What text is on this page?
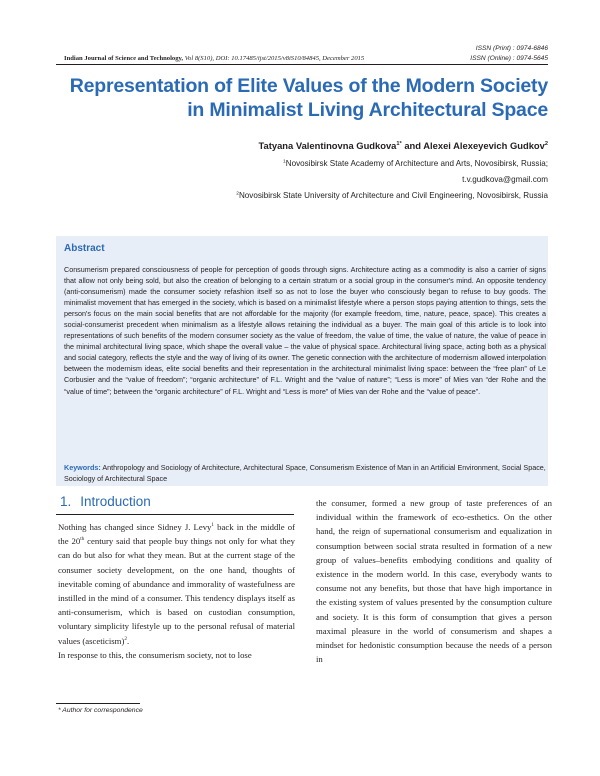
ISSN (Print) : 0974-6846
ISSN (Online) : 0974-5645
Indian Journal of Science and Technology, Vol 8(S10), DOI: 10.17485/ijst/2015/v8iS10/84845, December 2015
Representation of Elite Values of the Modern Society
in Minimalist Living Architectural Space
Tatyana Valentinovna Gudkova$^{1*}$ and Alexei Alexeyevich Gudkov$^2$
$^1$Novosibirsk State Academy of Architecture and Arts, Novosibirsk, Russia;
t.v.gudkova@gmail.com
$^2$Novosibirsk State University of Architecture and Civil Engineering, Novosibirsk, Russia
Abstract
Consumerism prepared consciousness of people for perception of goods through signs. Architecture acting as a commodity is also a carrier of signs that allow not only being sold, but also the creation of belonging to a certain stratum or a social group in the consumer's mind. An opposite tendency (anti-consumerism) made the consumer society refashion itself so as not to lose the buyer who consciously began to refuse to buy goods. The minimalist movement that has emerged in the society, which is based on a minimalist lifestyle where a person stops paying attention to things, sets the person's focus on the main social benefits that are not affordable for the majority (for example freedom, time, nature, peace, space). This creates a social-consumerist precedent when minimalism as a lifestyle allows retaining the individual as a buyer. The main goal of this article is to look into representations of such benefits of the modern consumer society as the value of freedom, the value of time, the value of nature, the value of peace in the minimal architectural living space, which shape the overall value – the value of physical space. Architectural living space, acting both as a physical and social category, reflects the style and the way of living of its owner. The genetic connection with the architecture of modernism allowed interpolation between the modernism ideas, elite social benefits and their representation in the architectural minimalist living space: between the “free plan” of Le Corbusier and the “value of freedom”; “organic architecture” of F.L. Wright and the “value of nature”; “Less is more” of Mies van “der Rohe and the “value of time”; between the “organic architecture” of F.L. Wright and “Less is more” of Mies van der Rohe and the “value of peace”.
Keywords: Anthropology and Sociology of Architecture, Architectural Space, Consumerism Existence of Man in an Artificial Environment, Social Space, Sociology of Architectural Space
1. Introduction

Nothing has changed since Sidney J. Levy$^1$ back in the middle of the 20th century said that people buy things not only for what they can do but also for what they mean. But at the current stage of the consumer society development, on the one hand, thoughts of inevitable coming of abundance and immorality of wastefulness are instilled in the mind of a consumer. This tendency displays itself as anti-consumerism, which is based on custodian consumption, voluntary simplicity lifestyle up to the personal refusal of material values (asceticism)$^2$.

In response to this, the consumerism society, not to lose

the consumer, formed a new group of taste preferences of an individual within the framework of eco-esthetics. On the other hand, the reign of supernational consumerism and equalization in consumption between social strata resulted in formation of a new group of values–benefits embodying conditions and quality of existence in the modern world. In this case, everybody wants to consume not any benefits, but those that have high importance in the existing system of values presented by the consumption culture and society. It is this form of consumption that gives a person maximal pleasure in the world of consumerism and shapes a mindset for hedonistic consumption because the needs of a person in

* Author for correspondence
